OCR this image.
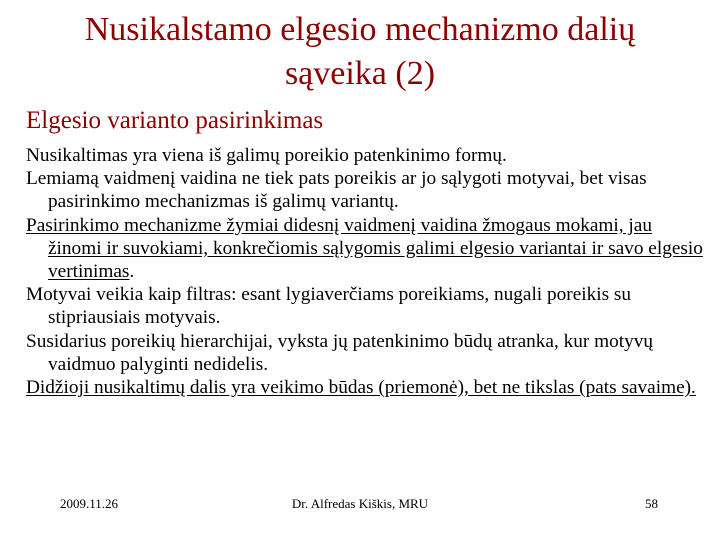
Nusikalstamo elgesio mechanizmo dalių
sąveika (2)
Elgesio varianto pasirinkimas

Nusikaltimas yra viena iš galimų poreikio patenkinimo formų.

Lemiamą vaidmenį vaidina ne tiek pats poreikis ar jo sąlygoti motyvai, bet visas pasirinkimo mechanizmas iš galimų variantų.

Pasirinkimo mechanizme žymiai didesnį vaidmenį vaidina žmogaus mokami, jau žinomi ir suvokiami, konkrečiomis sąlygomis galimi elgesio variantai ir savo elgesio vertinimas.

Motyvai veikia kaip filtras: esant lygiaverčiams poreikiams, nugali poreikis su stipriausiais motyvais.

Susidarius poreikių hierarchijai, vyksta jų patenkinimo būdų atranka, kur motyvų vaidmuo palyginti nedidelis.

Didžioji nusikaltimų dalis yra veikimo būdas (priemonė), bet ne tikslas (pats savaime).

2009.11.26	Dr. Alfredas Kiškis, MRU	58
